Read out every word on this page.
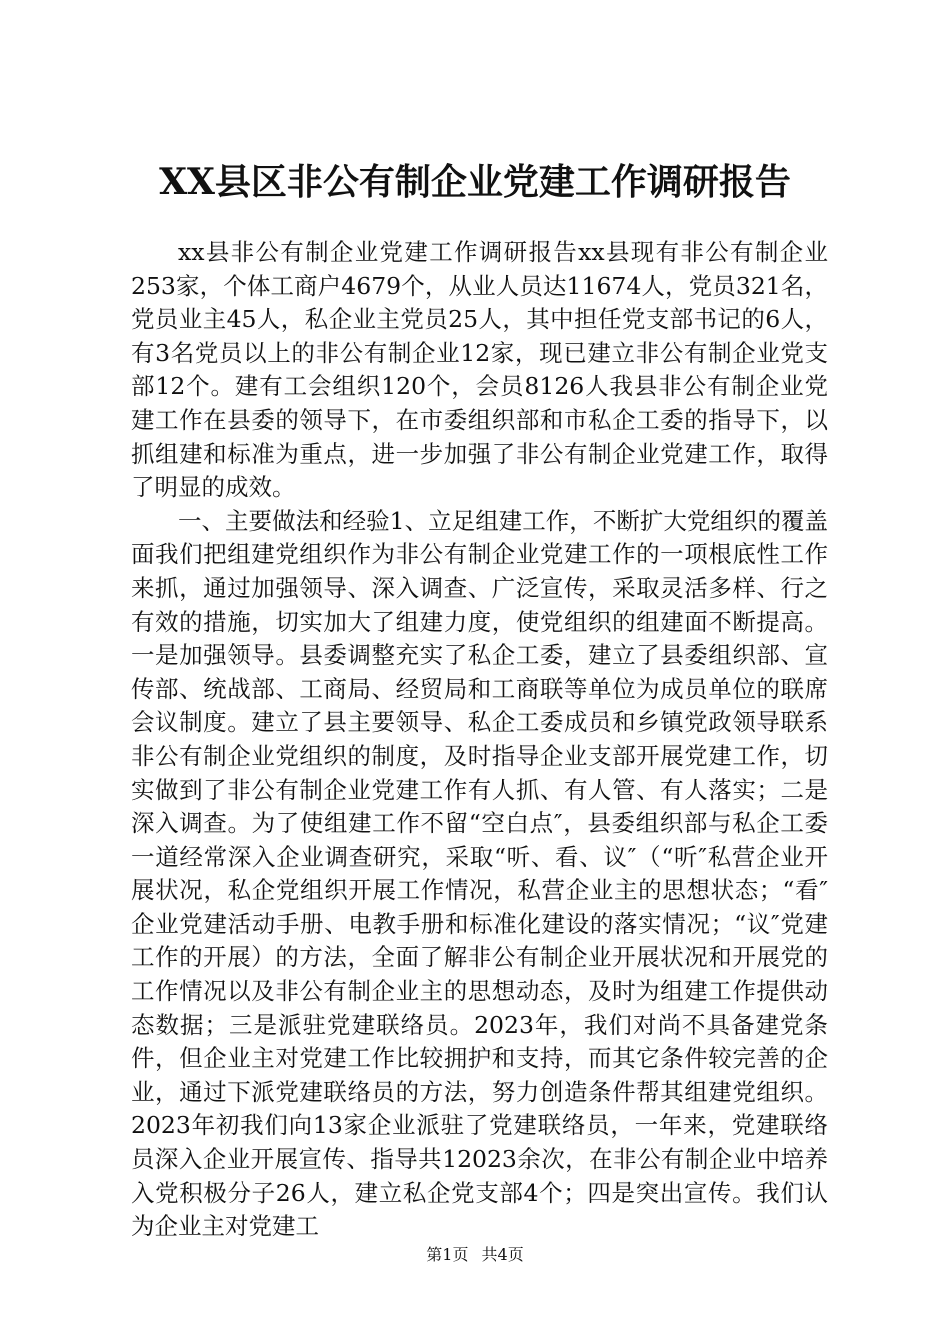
XX县区非公有制企业党建工作调研报告

xx县非公有制企业党建工作调研报告xx县现有非公有制企业253家，个体工商户4679个，从业人员达11674人，党员321名，党员业主45人，私企业主党员25人，其中担任党支部书记的6人，有3名党员以上的非公有制企业12家，现已建立非公有制企业党支部12个。建有工会组织120个，会员8126人我县非公有制企业党建工作在县委的领导下，在市委组织部和市私企工委的指导下，以抓组建和标准为重点，进一步加强了非公有制企业党建工作，取得了明显的成效。

一、主要做法和经验1、立足组建工作，不断扩大党组织的覆盖面我们把组建党组织作为非公有制企业党建工作的一项根底性工作来抓，通过加强领导、深入调查、广泛宣传，采取灵活多样、行之有效的措施，切实加大了组建力度，使党组织的组建面不断提高。一是加强领导。县委调整充实了私企工委，建立了县委组织部、宣传部、统战部、工商局、经贸局和工商联等单位为成员单位的联席会议制度。建立了县主要领导、私企工委成员和乡镇党政领导联系非公有制企业党组织的制度，及时指导企业支部开展党建工作，切实做到了非公有制企业党建工作有人抓、有人管、有人落实；二是深入调查。为了使组建工作不留“空白点″，县委组织部与私企工委一道经常深入企业调查研究，采取“听、看、议″（“听″私营企业开展状况，私企党组织开展工作情况，私营企业主的思想状态；“看″企业党建活动手册、电教手册和标准化建设的落实情况；“议″党建工作的开展）的方法，全面了解非公有制企业开展状况和开展党的工作情况以及非公有制企业主的思想动态，及时为组建工作提供动态数据；三是派驻党建联络员。2023年，我们对尚不具备建党条件，但企业主对党建工作比较拥护和支持，而其它条件较完善的企业，通过下派党建联络员的方法，努力创造条件帮其组建党组织。2023年初我们向13家企业派驻了党建联络员，一年来，党建联络员深入企业开展宣传、指导共12023余次，在非公有制企业中培养入党积极分子26人，建立私企党支部4个；四是突出宣传。我们认为企业主对党建工

第1页 共4页
